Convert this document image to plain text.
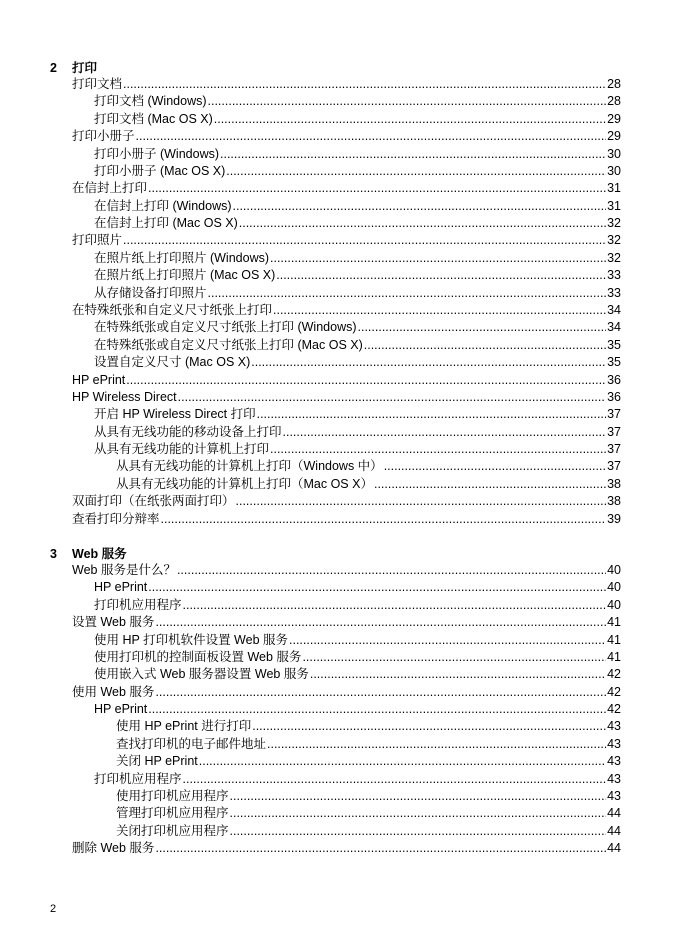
2 打印
打印文档 .....	28
打印文档 (Windows) .....	28
打印文档 (Mac OS X) .....	29
打印小册子 .....	29
打印小册子 (Windows) .....	30
打印小册子 (Mac OS X) .....	30
在信封上打印 .....	31
在信封上打印 (Windows) .....	31
在信封上打印 (Mac OS X) .....	32
打印照片 .....	32
在照片纸上打印照片 (Windows) .....	32
在照片纸上打印照片 (Mac OS X) .....	33
从存储设备打印照片 .....	33
在特殊纸张和自定义尺寸纸张上打印 .....	34
在特殊纸张或自定义尺寸纸张上打印 (Windows) .....	34
在特殊纸张或自定义尺寸纸张上打印 (Mac OS X) .....	35
设置自定义尺寸 (Mac OS X) .....	35
HP ePrint .....	36
HP Wireless Direct .....	36
开启 HP Wireless Direct 打印 .....	37
从具有无线功能的移动设备上打印 .....	37
从具有无线功能的计算机上打印 .....	37
从具有无线功能的计算机上打印（Windows 中） .....	37
从具有无线功能的计算机上打印（Mac OS X） .....	38
双面打印（在纸张两面打印） .....	38
查看打印分辩率 .....	39
3 Web 服务
Web 服务是什么？ .....	40
HP ePrint .....	40
打印机应用程序 .....	40
设置 Web 服务 .....	41
使用 HP 打印机软件设置 Web 服务 .....	41
使用打印机的控制面板设置 Web 服务 .....	41
使用嵌入式 Web 服务器设置 Web 服务 .....	42
使用 Web 服务 .....	42
HP ePrint .....	42
使用 HP ePrint 进行打印 .....	43
查找打印机的电子邮件地址 .....	43
关闭 HP ePrint .....	43
打印机应用程序 .....	43
使用打印机应用程序 .....	43
管理打印机应用程序 .....	44
关闭打印机应用程序 .....	44
删除 Web 服务 .....	44
2
